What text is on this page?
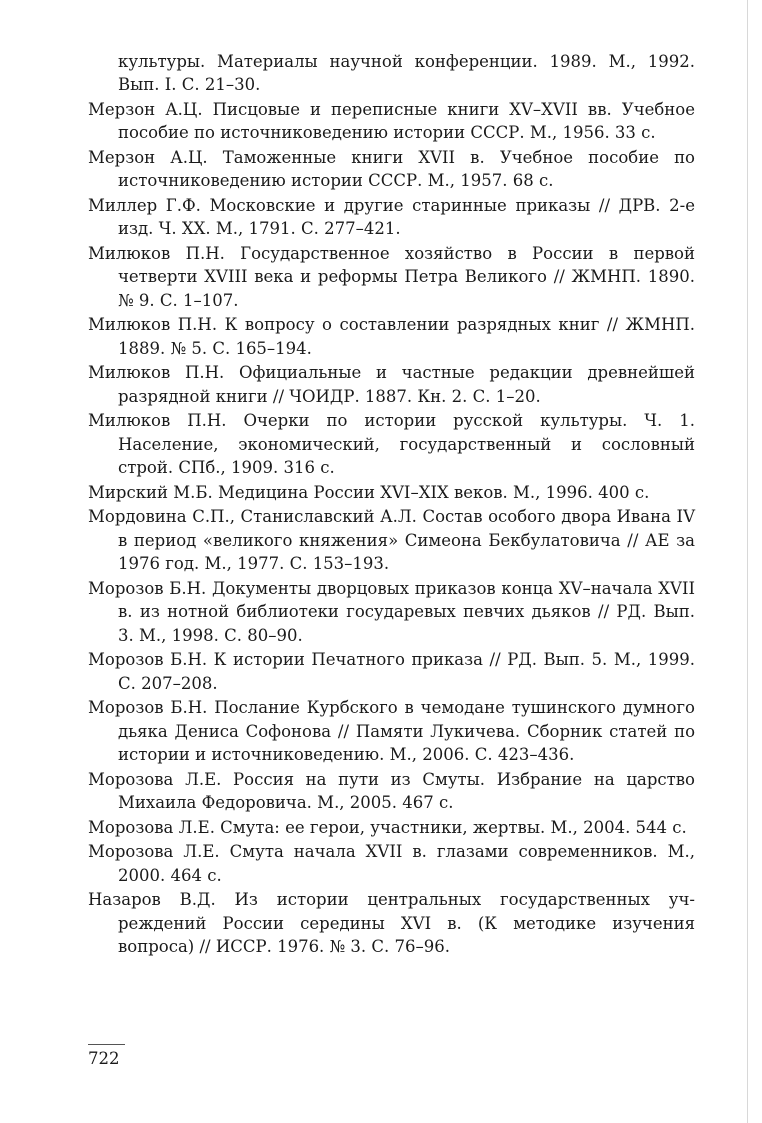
культуры. Материалы научной конференции. 1989. М., 1992. Вып. I. С. 21–30.

Мерзон А.Ц. Писцовые и переписные книги XV–XVII вв. Учебное пособие по источниковедению истории СССР. М., 1956. 33 с.

Мерзон А.Ц. Таможенные книги XVII в. Учебное пособие по источниковедению истории СССР. М., 1957. 68 с.

Миллер Г.Ф. Московские и другие старинные приказы // ДРВ. 2-е изд. Ч. XX. М., 1791. С. 277–421.

Милюков П.Н. Государственное хозяйство в России в первой четверти XVIII века и реформы Петра Великого // ЖМНП. 1890. № 9. С. 1–107.

Милюков П.Н. К вопросу о составлении разрядных книг // ЖМНП. 1889. № 5. С. 165–194.

Милюков П.Н. Официальные и частные редакции древнейшей разрядной книги // ЧОИДР. 1887. Кн. 2. С. 1–20.

Милюков П.Н. Очерки по истории русской культуры. Ч. 1. Население, экономический, государственный и сословный строй. СПб., 1909. 316 с.

Мирский М.Б. Медицина России XVI–XIX веков. М., 1996. 400 с.

Мордовина С.П., Станиславский А.Л. Состав особого двора Ивана IV в период «великого княжения» Симеона Бекбулатовича // АЕ за 1976 год. М., 1977. С. 153–193.

Морозов Б.Н. Документы дворцовых приказов конца XV–начала XVII в. из нотной библиотеки государевых певчих дьяков // РД. Вып. 3. М., 1998. С. 80–90.

Морозов Б.Н. К истории Печатного приказа // РД. Вып. 5. М., 1999. С. 207–208.

Морозов Б.Н. Послание Курбского в чемодане тушинского думного дьяка Дениса Софонова // Памяти Лукичева. Сборник статей по истории и источниковедению. М., 2006. С. 423–436.

Морозова Л.Е. Россия на пути из Смуты. Избрание на царство Михаила Федоровича. М., 2005. 467 с.

Морозова Л.Е. Смута: ее герои, участники, жертвы. М., 2004. 544 с.

Морозова Л.Е. Смута начала XVII в. глазами современников. М., 2000. 464 с.

Назаров В.Д. Из истории центральных государственных учреждений России середины XVI в. (К методике изучения вопроса) // ИССР. 1976. № 3. С. 76–96.

722
